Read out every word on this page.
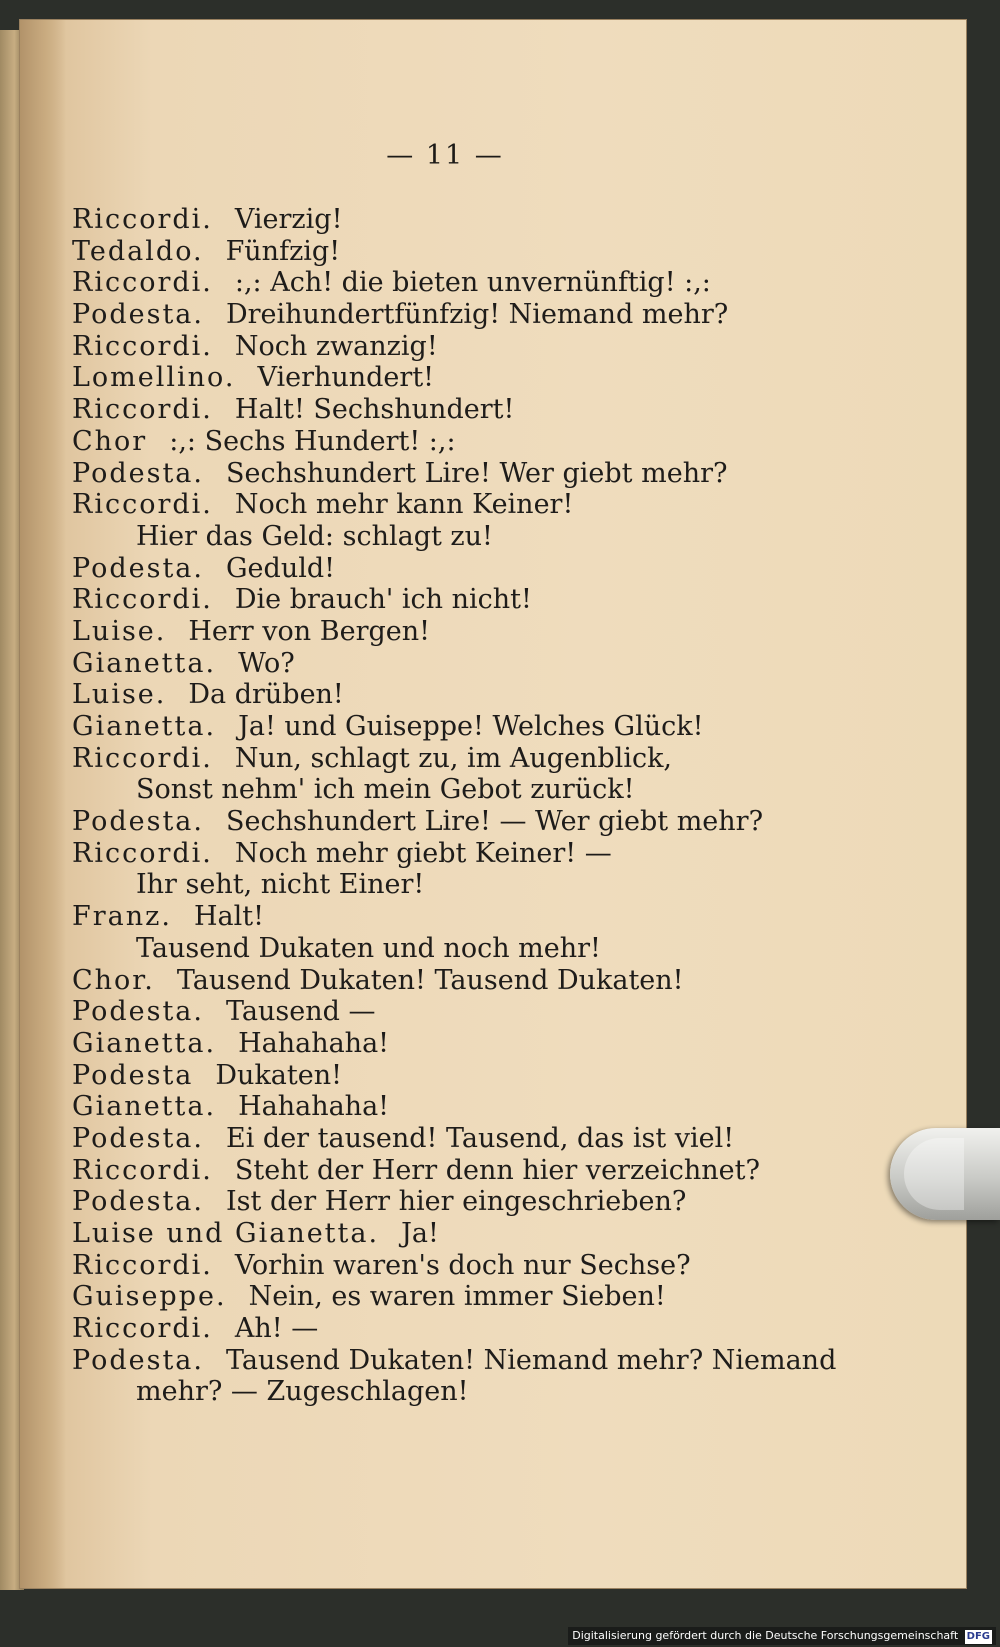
— 11 —
Riccordi. Vierzig!
Tedaldo. Fünfzig!
Riccordi. :,: Ach! die bieten unvernünftig! :,:
Podesta. Dreihundertfünfzig! Niemand mehr?
Riccordi. Noch zwanzig!
Lomellino. Vierhundert!
Riccordi. Halt! Sechshundert!
Chor :,: Sechs Hundert! :,:
Podesta. Sechshundert Lire! Wer giebt mehr?
Riccordi. Noch mehr kann Keiner!
Hier das Geld: schlagt zu!
Podesta. Geduld!
Riccordi. Die brauch' ich nicht!
Luise. Herr von Bergen!
Gianetta. Wo?
Luise. Da drüben!
Gianetta. Ja! und Guiseppe! Welches Glück!
Riccordi. Nun, schlagt zu, im Augenblick,
Sonst nehm' ich mein Gebot zurück!
Podesta. Sechshundert Lire! — Wer giebt mehr?
Riccordi. Noch mehr giebt Keiner! —
Ihr seht, nicht Einer!
Franz. Halt!
Tausend Dukaten und noch mehr!
Chor. Tausend Dukaten! Tausend Dukaten!
Podesta. Tausend —
Gianetta. Hahahaha!
Podesta Dukaten!
Gianetta. Hahahaha!
Podesta. Ei der tausend! Tausend, das ist viel!
Riccordi. Steht der Herr denn hier verzeichnet?
Podesta. Ist der Herr hier eingeschrieben?
Luise und Gianetta. Ja!
Riccordi. Vorhin waren's doch nur Sechse?
Guiseppe. Nein, es waren immer Sieben!
Riccordi. Ah! —
Podesta. Tausend Dukaten! Niemand mehr? Niemand
mehr? — Zugeschlagen!
Digitalisierung gefördert durch die Deutsche Forschungsgemeinschaft DFG
